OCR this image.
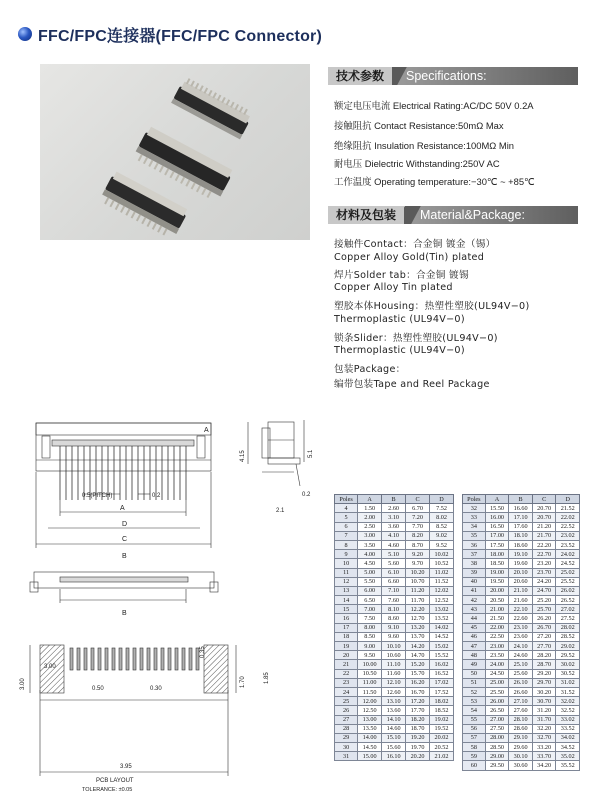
FFC/FPC连接器(FFC/FPC Connector)
Specifications:
技术参数
额定电压电流 Electrical Rating:AC/DC 50V 0.2A
接触阻抗 Contact Resistance:50mΩ Max
绝缘阻抗 Insulation Resistance:100MΩ Min
耐电压 Dielectric Withstanding:250V AC
工作温度 Operating temperature:−30℃ ~ +85℃
Material&Package:
材料及包装
接触件Contact：合金铜 镀金（锡）
Copper Alloy Gold(Tin) plated
焊片Solder tab：合金铜 镀锡
Copper Alloy Tin plated
塑胶本体Housing：热塑性塑胶(UL94V−0)
Thermoplastic (UL94V−0)
锁条Slider：热塑性塑胶(UL94V−0)
Thermoplastic (UL94V−0)
包装Package：
编带包装Tape and Reel Package
A
A
D
C
B
0.5(PITCH)	0.2
B
4.15	5.1
0.2
2.1
3.00
0.50	0.30
3.00	1.70	1.85
0.35
3.95
PCB LAYOUT
TOLERANCE: ±0.05
Poles	A	B	C	D
4	1.50	2.60	6.70	7.52
5	2.00	3.10	7.20	8.02
6	2.50	3.60	7.70	8.52
7	3.00	4.10	8.20	9.02
8	3.50	4.60	8.70	9.52
9	4.00	5.10	9.20	10.02
10	4.50	5.60	9.70	10.52
11	5.00	6.10	10.20	11.02
12	5.50	6.60	10.70	11.52
13	6.00	7.10	11.20	12.02
14	6.50	7.60	11.70	12.52
15	7.00	8.10	12.20	13.02
16	7.50	8.60	12.70	13.52
17	8.00	9.10	13.20	14.02
18	8.50	9.60	13.70	14.52
19	9.00	10.10	14.20	15.02
20	9.50	10.60	14.70	15.52
21	10.00	11.10	15.20	16.02
22	10.50	11.60	15.70	16.52
23	11.00	12.10	16.20	17.02
24	11.50	12.60	16.70	17.52
25	12.00	13.10	17.20	18.02
26	12.50	13.60	17.70	18.52
27	13.00	14.10	18.20	19.02
28	13.50	14.60	18.70	19.52
29	14.00	15.10	19.20	20.02
30	14.50	15.60	19.70	20.52
31	15.00	16.10	20.20	21.02
Poles	A	B	C	D
32	15.50	16.60	20.70	21.52
33	16.00	17.10	20.70	22.02
34	16.50	17.60	21.20	22.52
35	17.00	18.10	21.70	23.02
36	17.50	18.60	22.20	23.52
37	18.00	19.10	22.70	24.02
38	18.50	19.60	23.20	24.52
39	19.00	20.10	23.70	25.02
40	19.50	20.60	24.20	25.52
41	20.00	21.10	24.70	26.02
42	20.50	21.60	25.20	26.52
43	21.00	22.10	25.70	27.02
44	21.50	22.60	26.20	27.52
45	22.00	23.10	26.70	28.02
46	22.50	23.60	27.20	28.52
47	23.00	24.10	27.70	29.02
48	23.50	24.60	28.20	29.52
49	24.00	25.10	28.70	30.02
50	24.50	25.60	29.20	30.52
51	25.00	26.10	29.70	31.02
52	25.50	26.60	30.20	31.52
53	26.00	27.10	30.70	32.02
54	26.50	27.60	31.20	32.52
55	27.00	28.10	31.70	33.02
56	27.50	28.60	32.20	33.52
57	28.00	29.10	32.70	34.02
58	28.50	29.60	33.20	34.52
59	29.00	30.10	33.70	35.02
60	29.50	30.60	34.20	35.52
